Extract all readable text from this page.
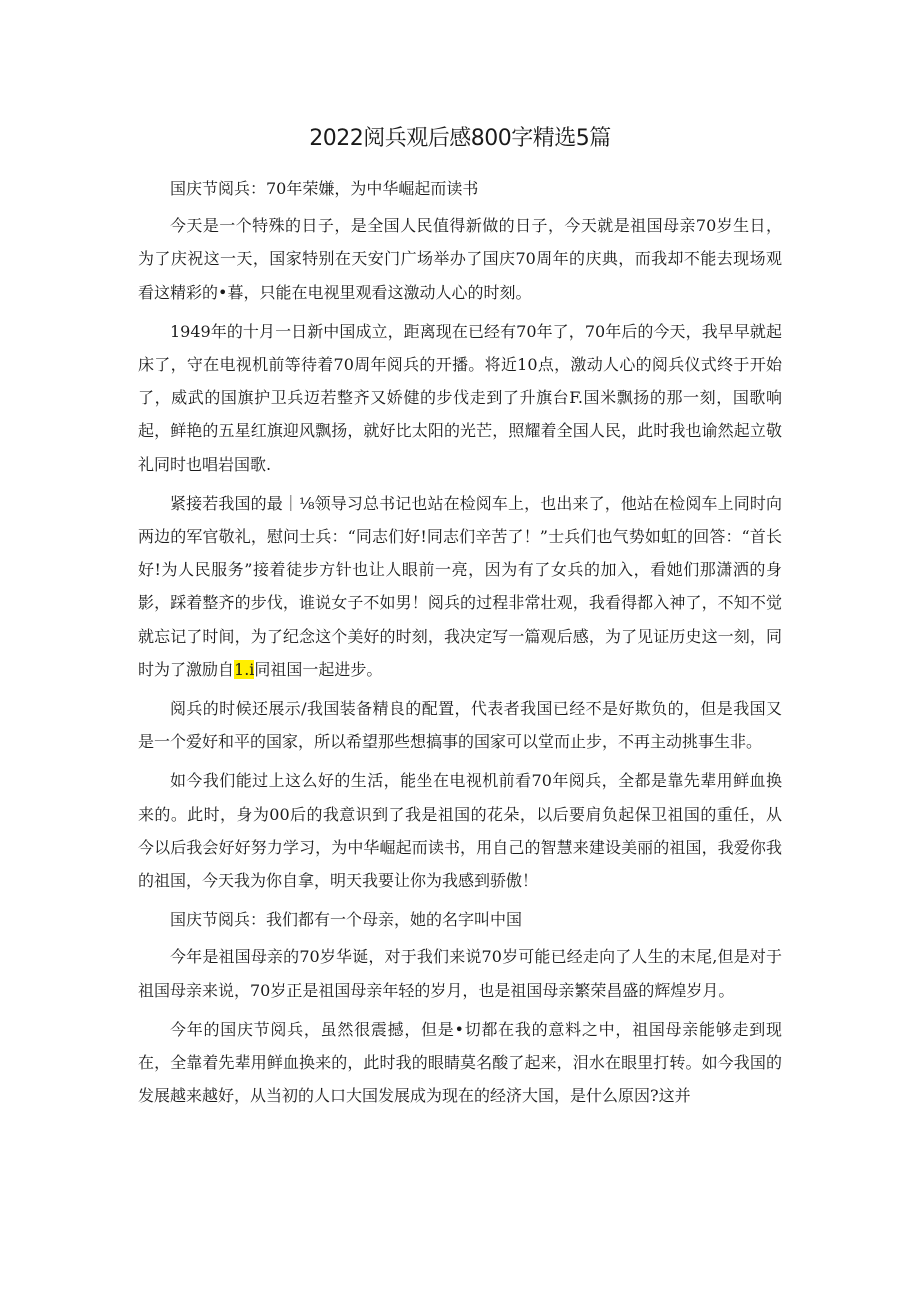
2022阅兵观后感800字精选5篇

国庆节阅兵：70年荣嫌，为中华崛起而读书

今天是一个特殊的日子，是全国人民值得新做的日子，今天就是祖国母亲70岁生日，为了庆祝这一天，国家特别在天安门广场举办了国庆70周年的庆典，而我却不能去现场观看这精彩的•暮，只能在电视里观看这激动人心的时刻。

1949年的十月一日新中国成立，距离现在已经有70年了，70年后的今天，我早早就起床了，守在电视机前等待着70周年阅兵的开播。将近10点，激动人心的阅兵仪式终于开始了，威武的国旗护卫兵迈若整齐又娇健的步伐走到了升旗台F.国米飘扬的那一刻，国歌响起，鲜艳的五星红旗迎风飘扬，就好比太阳的光芒，照耀着全国人民，此时我也谕然起立敬礼同时也唱岩国歌.

紧接若我国的最｜⅛领导习总书记也站在检阅车上，也出来了，他站在检阅车上同时向两边的军官敬礼，慰问士兵：“同志们好!同志们辛苦了！”士兵们也气势如虹的回答：“首长好!为人民服务”接着徒步方针也让人眼前一亮，因为有了女兵的加入，看她们那潇洒的身影，踩着整齐的步伐，谁说女子不如男！阅兵的过程非常壮观，我看得都入神了，不知不觉就忘记了时间，为了纪念这个美好的时刻，我决定写一篇观后感，为了见证历史这一刻，同时为了激励自1.i同祖国一起进步。

阅兵的时候还展示/我国装备精良的配置，代表者我国已经不是好欺负的，但是我国又是一个爱好和平的国家，所以希望那些想搞事的国家可以堂而止步，不再主动挑事生非。

如今我们能过上这么好的生活，能坐在电视机前看70年阅兵，全都是靠先辈用鲜血换来的。此时，身为00后的我意识到了我是祖国的花朵，以后要肩负起保卫祖国的重任，从今以后我会好好努力学习，为中华崛起而读书，用自己的智慧来建设美丽的祖国，我爱你我的祖国，今天我为你自拿，明天我要让你为我感到骄傲！

国庆节阅兵：我们都有一个母亲，她的名字叫中国

今年是祖国母亲的70岁华诞，对于我们来说70岁可能已经走向了人生的末尾,但是对于祖国母亲来说，70岁正是祖国母亲年轻的岁月，也是祖国母亲繁荣昌盛的辉煌岁月。

今年的国庆节阅兵，虽然很震撼，但是•切都在我的意料之中，祖国母亲能够走到现在，全靠着先辈用鲜血换来的，此时我的眼睛莫名酸了起来，泪水在眼里打转。如今我国的发展越来越好，从当初的人口大国发展成为现在的经济大国，是什么原因?这并
